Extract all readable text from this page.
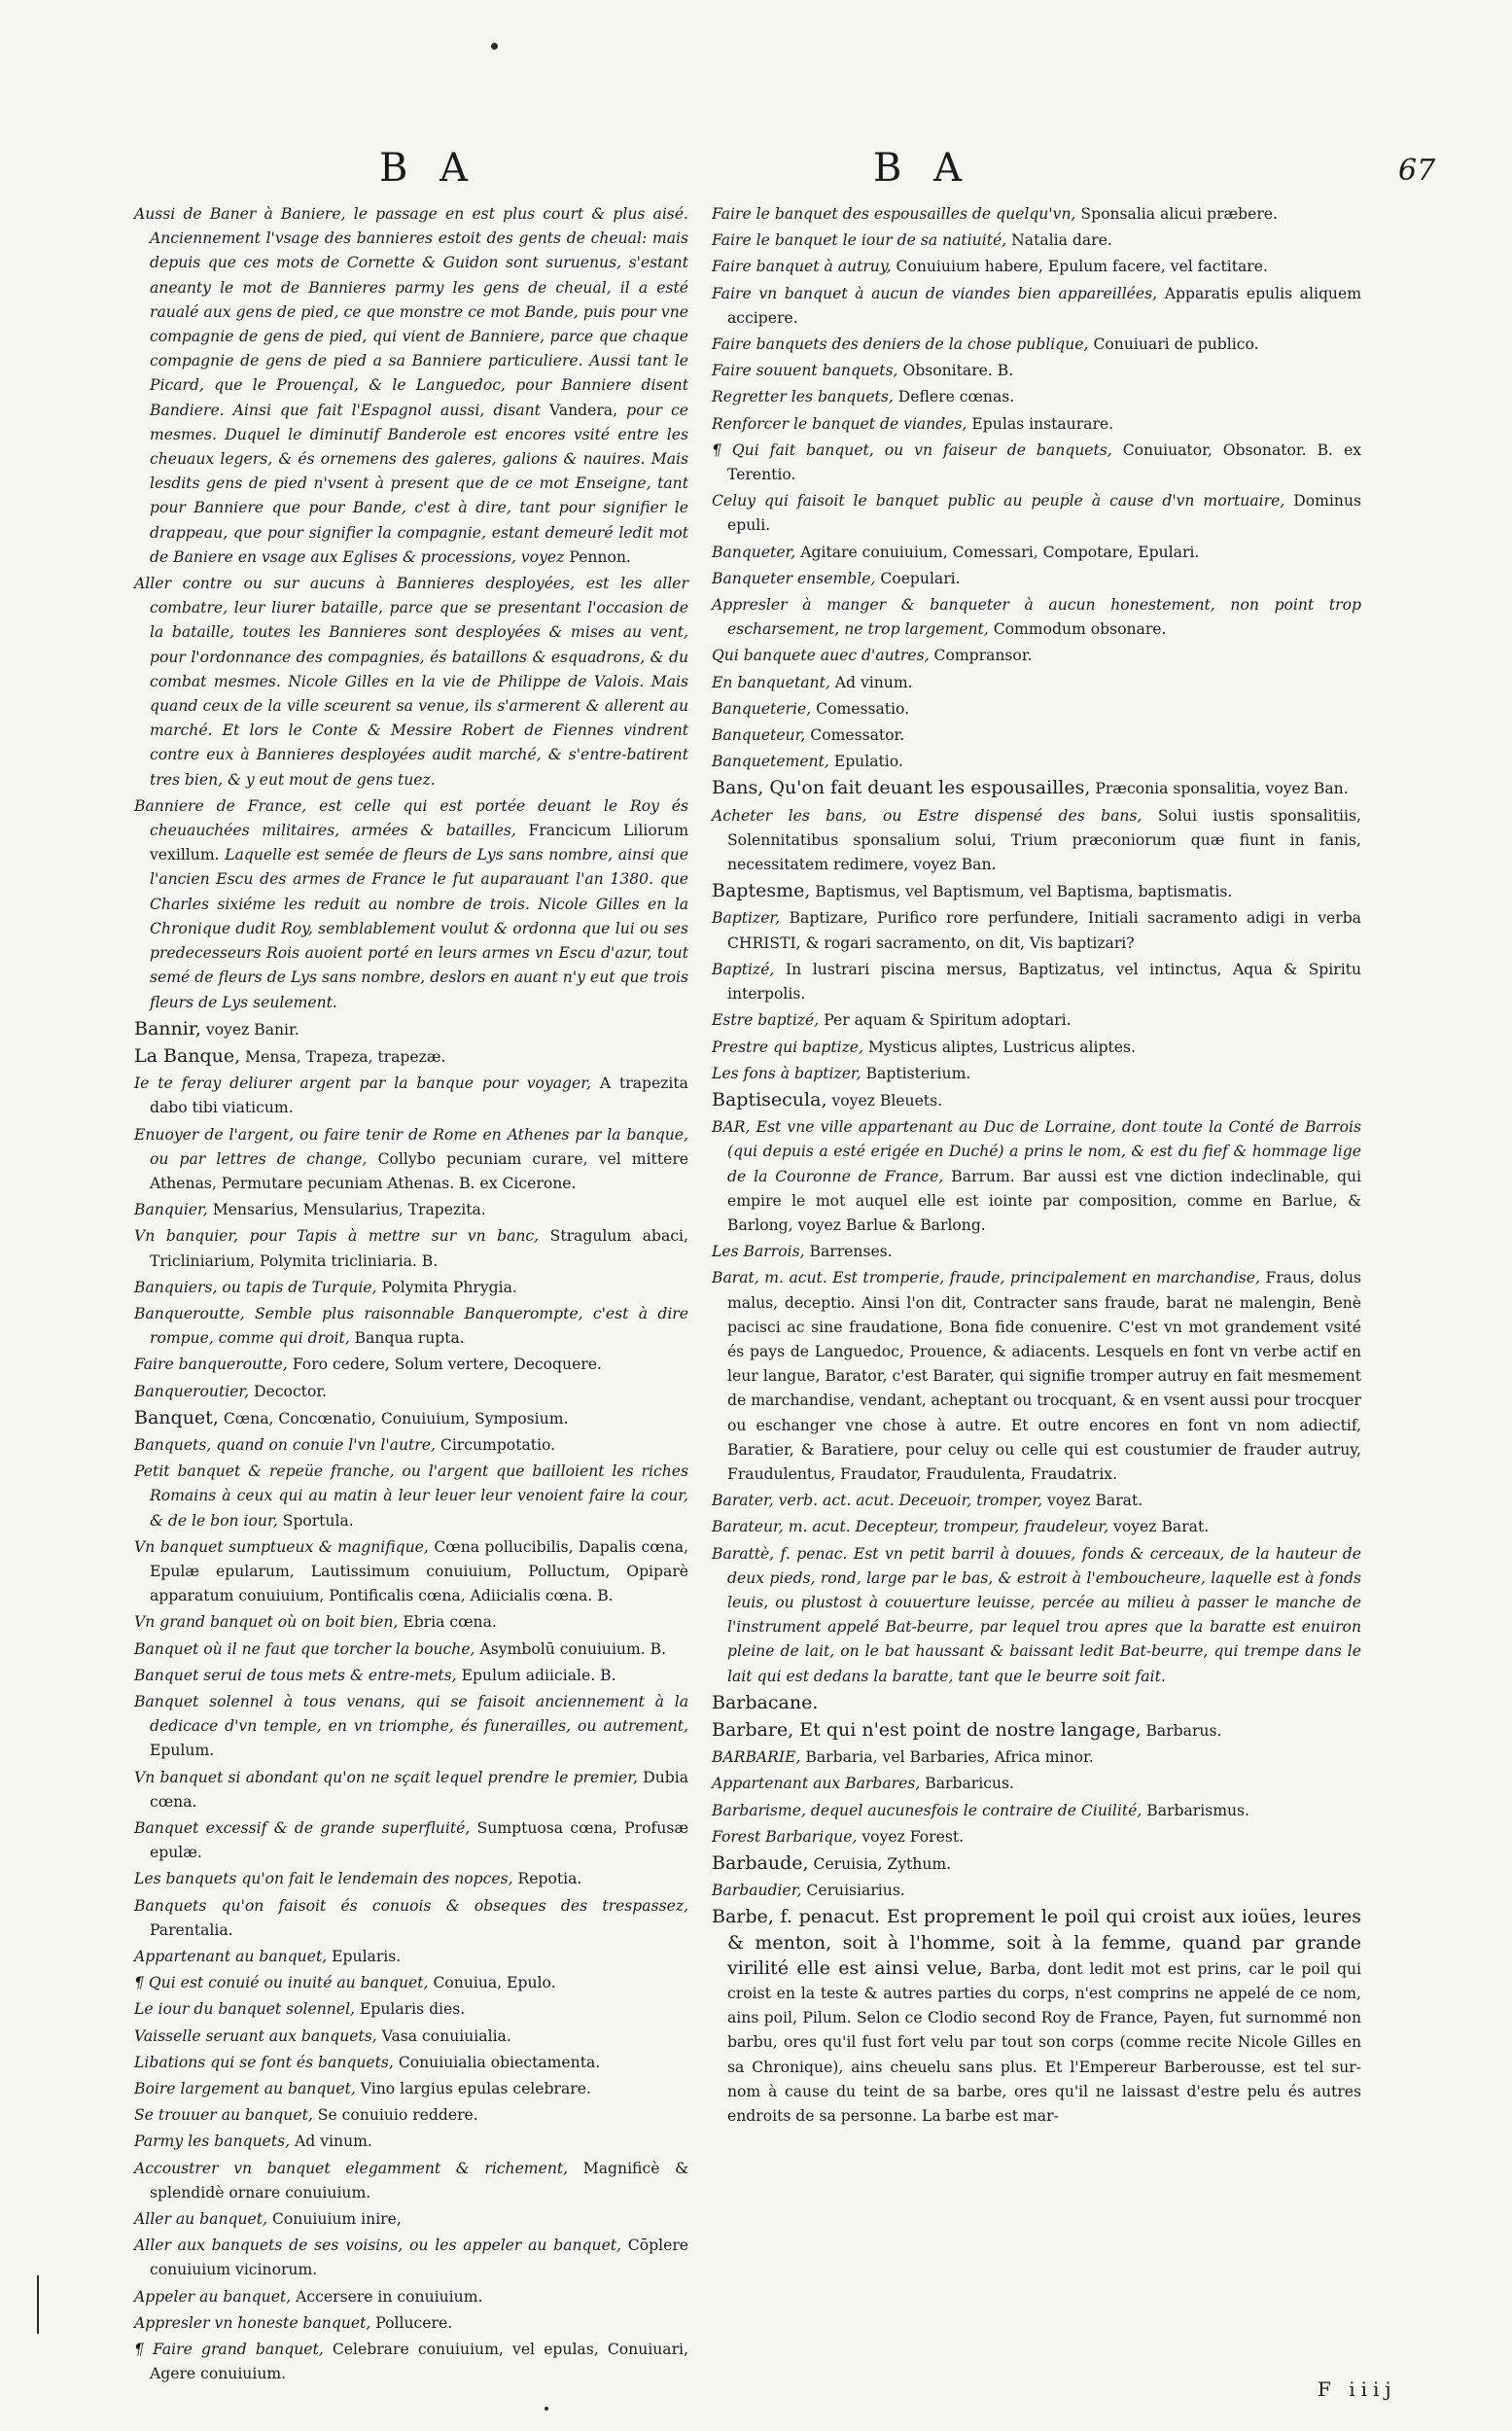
B A	B A	67

Aussi de Baner à Baniere, le passage en est plus court & plus aisé. Anciennement l'vsage des bannieres estoit des gents de cheual: mais depuis que ces mots de Cornette & Guidon sont suruenus, s'estant aneanty le mot de Bannieres parmy les gens de cheual, il a esté raualé aux gens de pied, ce que monstre ce mot Bande, puis pour vne compagnie de gens de pied, qui vient de Banniere, parce que chaque compagnie de gens de pied a sa Banniere particuliere. Aussi tant le Picard, que le Prouençal, & le Languedoc, pour Banniere disent Bandiere. Ainsi que fait l'Espagnol aussi, disant Vandera, pour ce mesmes. Duquel le diminutif Banderole est encores vsité entre les cheuaux legers, & és ornemens des galeres, galions & nauires. Mais lesdits gens de pied n'vsent à present que de ce mot Enseigne, tant pour Banniere que pour Bande, c'est à dire, tant pour signifier le drappeau, que pour signifier la compagnie, estant demeuré ledit mot de Baniere en vsage aux Eglises & processions, voyez Pennon.

Aller contre ou sur aucuns à Bannieres desployées, est les aller combatre, leur liurer bataille, parce que se presentant l'occasion de la bataille, toutes les Bannieres sont desployées & mises au vent, pour l'ordonnance des compagnies, és bataillons & esquadrons, & du combat mesmes. Nicole Gilles en la vie de Philippe de Valois. Mais quand ceux de la ville sceurent sa venue, ils s'armerent & allerent au marché. Et lors le Conte & Messire Robert de Fiennes vindrent contre eux à Bannieres desployées audit marché, & s'entre-batirent tres bien, & y eut mout de gens tuez.

Banniere de France, est celle qui est portée deuant le Roy és cheuauchées militaires, armées & batailles, Francicum Liliorum vexillum. Laquelle est semée de fleurs de Lys sans nombre, ainsi que l'ancien Escu des armes de France le fut auparauant l'an 1380. que Charles sixiéme les reduit au nombre de trois. Nicole Gilles en la Chronique dudit Roy, semblablement voulut & ordonna que lui ou ses predecesseurs Rois auoient porté en leurs armes vn Escu d'azur, tout semé de fleurs de Lys sans nombre, deslors en auant n'y eut que trois fleurs de Lys seulement.

Bannir, voyez Banir.

La Banque, Mensa, Trapeza, trapezæ.

Ie te feray deliurer argent par la banque pour voyager, A trapezita dabo tibi viaticum.

Enuoyer de l'argent, ou faire tenir de Rome en Athenes par la banque, ou par lettres de change, Collybo pecuniam curare, vel mittere Athenas, Permutare pecuniam Athenas. B. ex Cicerone.

Banquier, Mensarius, Mensularius, Trapezita.

Vn banquier, pour Tapis à mettre sur vn banc, Stragulum abaci, Tricliniarium, Polymita tricliniaria. B.

Banquiers, ou tapis de Turquie, Polymita Phrygia.

Banqueroutte, Semble plus raisonnable Banquerompte, c'est à dire rompue, comme qui droit, Banqua rupta.

Faire banqueroutte, Foro cedere, Solum vertere, Decoquere.

Banqueroutier, Decoctor.

Banquet, Cœna, Concœnatio, Conuiuium, Symposium.

Banquets, quand on conuie l'vn l'autre, Circumpotatio.

Petit banquet & repeüe franche, ou l'argent que bailloient les riches Romains à ceux qui au matin à leur leuer leur venoient faire la cour, & de le bon iour, Sportula.

Vn banquet sumptueux & magnifique, Cœna pollucibilis, Dapalis cœna, Epulæ epularum, Lautissimum conuiuium, Polluctum, Opiparè apparatum conuiuium, Pontificalis cœna, Adiicialis cœna. B.

Vn grand banquet où on boit bien, Ebria cœna.

Banquet où il ne faut que torcher la bouche, Asymbolū conuiuium. B.

Banquet serui de tous mets & entre-mets, Epulum adiiciale. B.

Banquet solennel à tous venans, qui se faisoit anciennement à la dedicace d'vn temple, en vn triomphe, és funerailles, ou autrement, Epulum.

Vn banquet si abondant qu'on ne sçait lequel prendre le premier, Dubia cœna.

Banquet excessif & de grande superfluité, Sumptuosa cœna, Profusæ epulæ.

Les banquets qu'on fait le lendemain des nopces, Repotia.

Banquets qu'on faisoit és conuois & obseques des trespassez, Parentalia.

Appartenant au banquet, Epularis.

¶ Qui est conuié ou inuité au banquet, Conuiua, Epulo.

Le iour du banquet solennel, Epularis dies.

Vaisselle seruant aux banquets, Vasa conuiuialia.

Libations qui se font és banquets, Conuiuialia obiectamenta.

Boire largement au banquet, Vino largius epulas celebrare.

Se trouuer au banquet, Se conuiuio reddere.

Parmy les banquets, Ad vinum.

Accoustrer vn banquet elegamment & richement, Magnificè & splendidè ornare conuiuium.

Aller au banquet, Conuiuium inire,

Aller aux banquets de ses voisins, ou les appeler au banquet, Cōplere conuiuium vicinorum.

Appeler au banquet, Accersere in conuiuium.

Appresler vn honeste banquet, Pollucere.

¶ Faire grand banquet, Celebrare conuiuium, vel epulas, Conuiuari, Agere conuiuium.

Faire le banquet des espousailles de quelqu'vn, Sponsalia alicui præbere.

Faire le banquet le iour de sa natiuité, Natalia dare.

Faire banquet à autruy, Conuiuium habere, Epulum facere, vel factitare.

Faire vn banquet à aucun de viandes bien appareillées, Apparatis epulis aliquem accipere.

Faire banquets des deniers de la chose publique, Conuiuari de publico.

Faire souuent banquets, Obsonitare. B.

Regretter les banquets, Deflere cœnas.

Renforcer le banquet de viandes, Epulas instaurare.

¶ Qui fait banquet, ou vn faiseur de banquets, Conuiuator, Obsonator. B. ex Terentio.

Celuy qui faisoit le banquet public au peuple à cause d'vn mortuaire, Dominus epuli.

Banqueter, Agitare conuiuium, Comessari, Compotare, Epulari.

Banqueter ensemble, Coepulari.

Appresler à manger & banqueter à aucun honestement, non point trop escharsement, ne trop largement, Commodum obsonare.

Qui banquete auec d'autres, Compransor.

En banquetant, Ad vinum.

Banqueterie, Comessatio.

Banqueteur, Comessator.

Banquetement, Epulatio.

Bans, Qu'on fait deuant les espousailles, Præconia sponsalitia, voyez Ban.

Acheter les bans, ou Estre dispensé des bans, Solui iustis sponsalitiis, Solennitatibus sponsalium solui, Trium præconiorum quæ fiunt in fanis, necessitatem redimere, voyez Ban.

Baptesme, Baptismus, vel Baptismum, vel Baptisma, baptismatis.

Baptizer, Baptizare, Purifico rore perfundere, Initiali sacramento adigi in verba CHRISTI, & rogari sacramento, on dit, Vis baptizari?

Baptizé, In lustrari piscina mersus, Baptizatus, vel intinctus, Aqua & Spiritu interpolis.

Estre baptizé, Per aquam & Spiritum adoptari.

Prestre qui baptize, Mysticus aliptes, Lustricus aliptes.

Les fons à baptizer, Baptisterium.

Baptisecula, voyez Bleuets.

BAR, Est vne ville appartenant au Duc de Lorraine, dont toute la Conté de Barrois (qui depuis a esté erigée en Duché) a prins le nom, & est du fief & hommage lige de la Couronne de France, Barrum. Bar aussi est vne diction indeclinable, qui empire le mot auquel elle est iointe par composition, comme en Barlue, & Barlong, voyez Barlue & Barlong.

Les Barrois, Barrenses.

Barat, m. acut. Est tromperie, fraude, principalement en marchandise, Fraus, dolus malus, deceptio. Ainsi l'on dit, Contracter sans fraude, barat ne malengin, Benè pacisci ac sine fraudatione, Bona fide conuenire. C'est vn mot grandement vsité és pays de Languedoc, Prouence, & adiacents. Lesquels en font vn verbe actif en leur langue, Barator, c'est Barater, qui signifie tromper autruy en fait mesmement de marchandise, vendant, acheptant ou trocquant, & en vsent aussi pour trocquer ou eschanger vne chose à autre. Et outre encores en font vn nom adiectif, Baratier, & Baratiere, pour celuy ou celle qui est coustumier de frauder autruy, Fraudulentus, Fraudator, Fraudulenta, Fraudatrix.

Barater, verb. act. acut. Deceuoir, tromper, voyez Barat.

Barateur, m. acut. Decepteur, trompeur, fraudeleur, voyez Barat.

Barattè, f. penac. Est vn petit barril à douues, fonds & cerceaux, de la hauteur de deux pieds, rond, large par le bas, & estroit à l'emboucheure, laquelle est à fonds leuis, ou plustost à couuerture leuisse, percée au milieu à passer le manche de l'instrument appelé Bat-beurre, par lequel trou apres que la baratte est enuiron pleine de lait, on le bat haussant & baissant ledit Bat-beurre, qui trempe dans le lait qui est dedans la baratte, tant que le beurre soit fait.

Barbacane.

Barbare, Et qui n'est point de nostre langage, Barbarus.

BARBARIE, Barbaria, vel Barbaries, Africa minor.

Appartenant aux Barbares, Barbaricus.

Barbarisme, dequel aucunesfois le contraire de Ciuilité, Barbarismus.

Forest Barbarique, voyez Forest.

Barbaude, Ceruisia, Zythum.

Barbaudier, Ceruisiarius.

Barbe, f. penacut. Est proprement le poil qui croist aux ioües, leures & menton, soit à l'homme, soit à la femme, quand par grande virilité elle est ainsi velue, Barba, dont ledit mot est prins, car le poil qui croist en la teste & autres parties du corps, n'est comprins ne appelé de ce nom, ains poil, Pilum. Selon ce Clodio second Roy de France, Payen, fut surnommé non barbu, ores qu'il fust fort velu par tout son corps (comme recite Nicole Gilles en sa Chronique), ains cheuelu sans plus. Et l'Empereur Barberousse, est tel sur-nom à cause du teint de sa barbe, ores qu'il ne laissast d'estre pelu és autres endroits de sa personne. La barbe est mar-

F iiij
